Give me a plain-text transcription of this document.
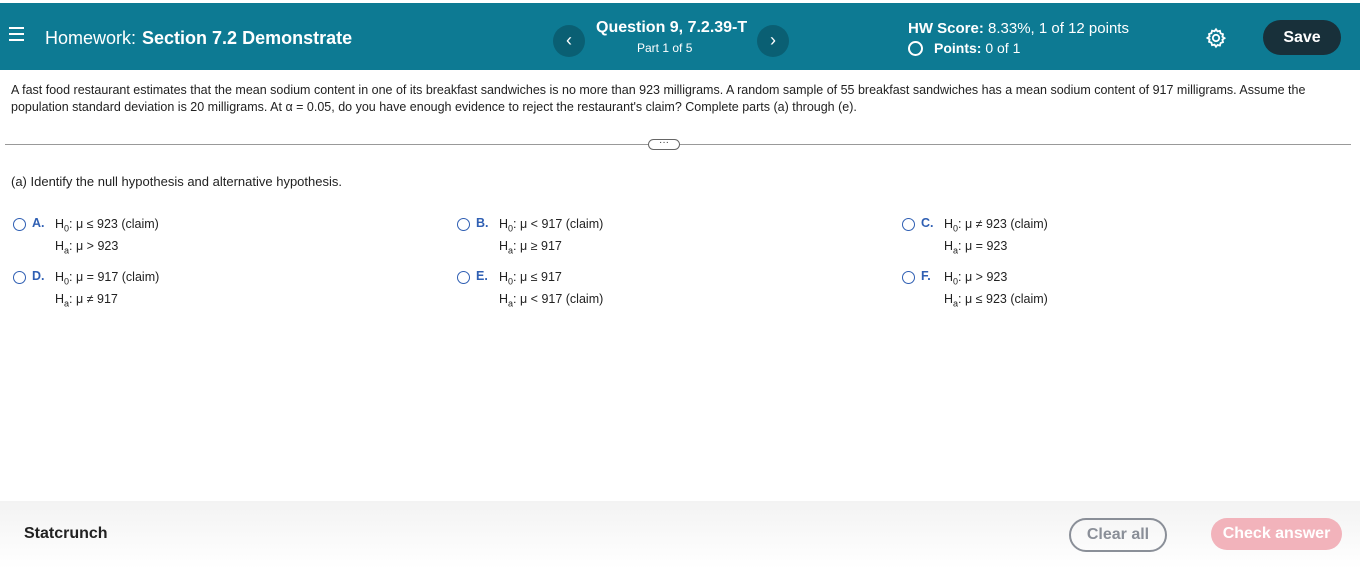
Homework: Section 7.2 Demonstrate	‹
Question 9, 7.2.39-T
Part 1 of 5	›
HW Score: 8.33%, 1 of 12 points
Points:
0 of 1
Save
A fast food restaurant estimates that the mean sodium content in one of its breakfast sandwiches is no more than 923 milligrams. A random sample of 55 breakfast sandwiches has a mean sodium content of 917 milligrams. Assume the population standard deviation is 20 milligrams. At α = 0.05, do you have enough evidence to reject the restaurant's claim? Complete parts (a) through (e).
···
(a) Identify the null hypothesis and alternative hypothesis.
A. $H_0$: μ ≤ 923 (claim)
$H_a$: μ > 923
B. $H_0$: μ < 917 (claim)
$H_a$: μ ≥ 917
C. $H_0$: μ ≠ 923 (claim)
$H_a$: μ = 923
D. $H_0$: μ = 917 (claim)
$H_a$: μ ≠ 917
E. $H_0$: μ ≤ 917
$H_a$: μ < 917 (claim)
F. $H_0$: μ > 923
$H_a$: μ ≤ 923 (claim)
Statcrunch	Clear all	Check answer
